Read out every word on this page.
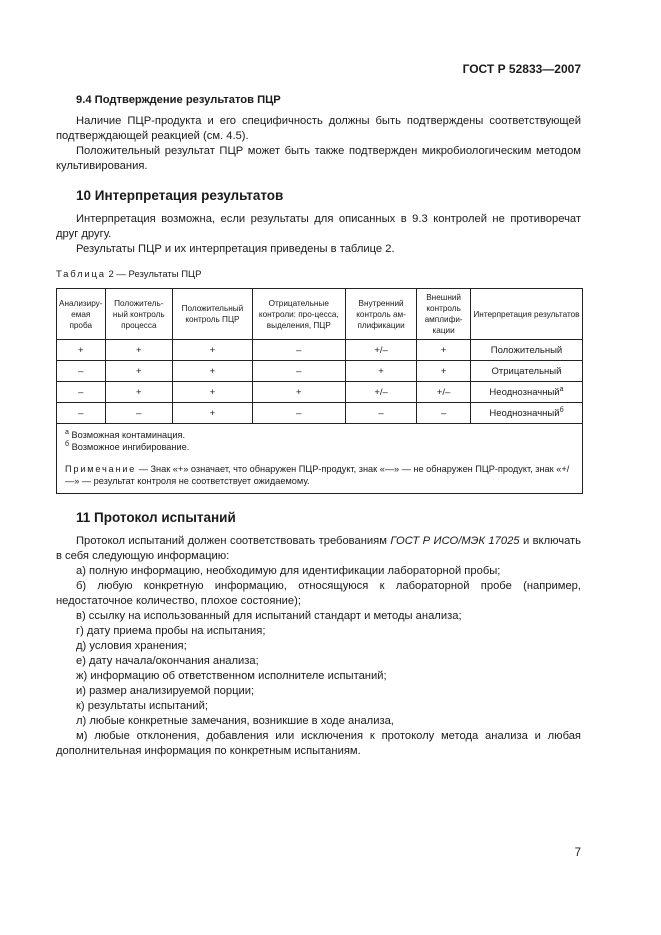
ГОСТ Р 52833—2007
9.4 Подтверждение результатов ПЦР

Наличие ПЦР-продукта и его специфичность должны быть подтверждены соответствующей подтверждающей реакцией (см. 4.5).

Положительный результат ПЦР может быть также подтвержден микробиологическим методом культивирования.

10 Интерпретация результатов

Интерпретация возможна, если результаты для описанных в 9.3 контролей не противоречат друг другу.

Результаты ПЦР и их интерпретация приведены в таблице 2.

Таблица 2 — Результаты ПЦР
Анализиру-емая проба	Положитель-ный контроль процесса	Положительный контроль ПЦР	Отрицательные контроли: про-цесса, выделения, ПЦР	Внутренний контроль ам-плификации	Внешний контроль амплифи-кации	Интерпретация результатов
+	+	+	–	+/–	+	Положительный
–	+	+	–	+	+	Отрицательный
–	+	+	+	+/–	+/–	Неоднозначный$^а$
–	–	+	–	–	–	Неоднозначный$^б$

$^а$ Возможная контаминация.

$^б$ Возможное ингибирование.

Примечание — Знак «+» означает, что обнаружен ПЦР-продукт, знак «—» — не обнаружен ПЦР-продукт, знак «+/—» — результат контроля не соответствует ожидаемому.						

11 Протокол испытаний

Протокол испытаний должен соответствовать требованиям ГОСТ Р ИСО/МЭК 17025 и включать в себя следующую информацию:

а) полную информацию, необходимую для идентификации лабораторной пробы;

б) любую конкретную информацию, относящуюся к лабораторной пробе (например, недостаточное количество, плохое состояние);

в) ссылку на использованный для испытаний стандарт и методы анализа;

г) дату приема пробы на испытания;

д) условия хранения;

е) дату начала/окончания анализа;

ж) информацию об ответственном исполнителе испытаний;

и) размер анализируемой порции;

к) результаты испытаний;

л) любые конкретные замечания, возникшие в ходе анализа,

м) любые отклонения, добавления или исключения к протоколу метода анализа и любая дополнительная информация по конкретным испытаниям.

7
